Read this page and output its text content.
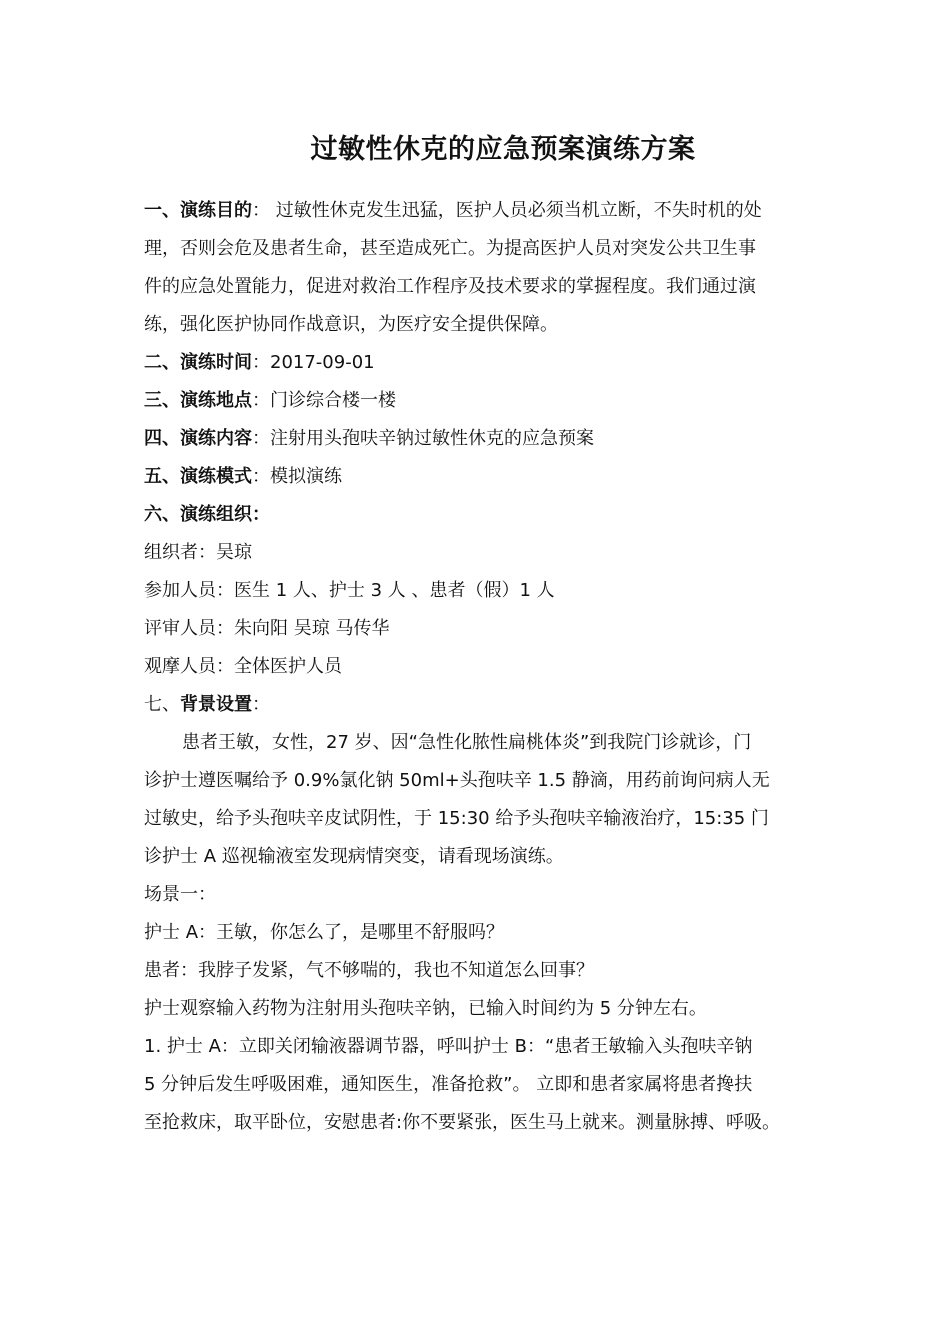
过敏性休克的应急预案演练方案
一、演练目的： 过敏性休克发生迅猛，医护人员必须当机立断，不失时机的处
理，否则会危及患者生命，甚至造成死亡。为提高医护人员对突发公共卫生事
件的应急处置能力，促进对救治工作程序及技术要求的掌握程度。我们通过演
练，强化医护协同作战意识，为医疗安全提供保障。
二、演练时间：2017-09-01
三、演练地点：门诊综合楼一楼
四、演练内容：注射用头孢呋辛钠过敏性休克的应急预案
五、演练模式：模拟演练
六、演练组织：
组织者：吴琼
参加人员：医生 1 人、护士 3 人 、患者（假）1 人
评审人员：朱向阳 吴琼 马传华
观摩人员：全体医护人员
七、背景设置：
患者王敏，女性，27 岁、因“急性化脓性扁桃体炎”到我院门诊就诊，门
诊护士遵医嘱给予 0.9%氯化钠 50ml+头孢呋辛 1.5 静滴，用药前询问病人无
过敏史，给予头孢呋辛皮试阴性，于 15:30 给予头孢呋辛输液治疗，15:35 门
诊护士 A 巡视输液室发现病情突变，请看现场演练。
场景一：
护士 A：王敏，你怎么了，是哪里不舒服吗？
患者：我脖子发紧，气不够喘的，我也不知道怎么回事？
护士观察输入药物为注射用头孢呋辛钠，已输入时间约为 5 分钟左右。
1. 护士 A：立即关闭输液器调节器，呼叫护士 B：“患者王敏输入头孢呋辛钠
5 分钟后发生呼吸困难，通知医生，准备抢救”。 立即和患者家属将患者搀扶
至抢救床，取平卧位，安慰患者:你不要紧张，医生马上就来。测量脉搏、呼吸。
